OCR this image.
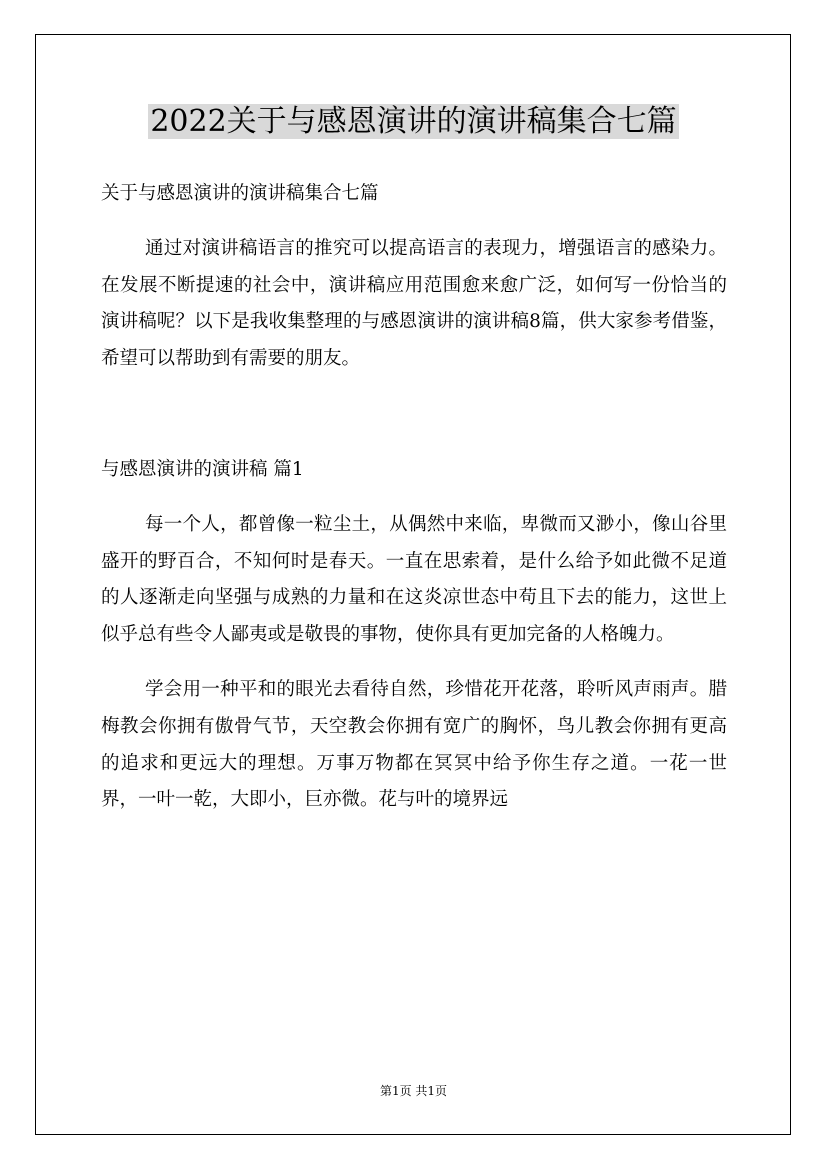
2022关于与感恩演讲的演讲稿集合七篇

关于与感恩演讲的演讲稿集合七篇

通过对演讲稿语言的推究可以提高语言的表现力，增强语言的感染力。在发展不断提速的社会中，演讲稿应用范围愈来愈广泛，如何写一份恰当的演讲稿呢？以下是我收集整理的与感恩演讲的演讲稿8篇，供大家参考借鉴，希望可以帮助到有需要的朋友。

与感恩演讲的演讲稿 篇1

每一个人，都曾像一粒尘土，从偶然中来临，卑微而又渺小，像山谷里盛开的野百合，不知何时是春天。一直在思索着，是什么给予如此微不足道的人逐渐走向坚强与成熟的力量和在这炎凉世态中苟且下去的能力，这世上似乎总有些令人鄙夷或是敬畏的事物，使你具有更加完备的人格魄力。

学会用一种平和的眼光去看待自然，珍惜花开花落，聆听风声雨声。腊梅教会你拥有傲骨气节，天空教会你拥有宽广的胸怀，鸟儿教会你拥有更高的追求和更远大的理想。万事万物都在冥冥中给予你生存之道。一花一世界，一叶一乾，大即小，巨亦微。花与叶的境界远

第1页 共1页
